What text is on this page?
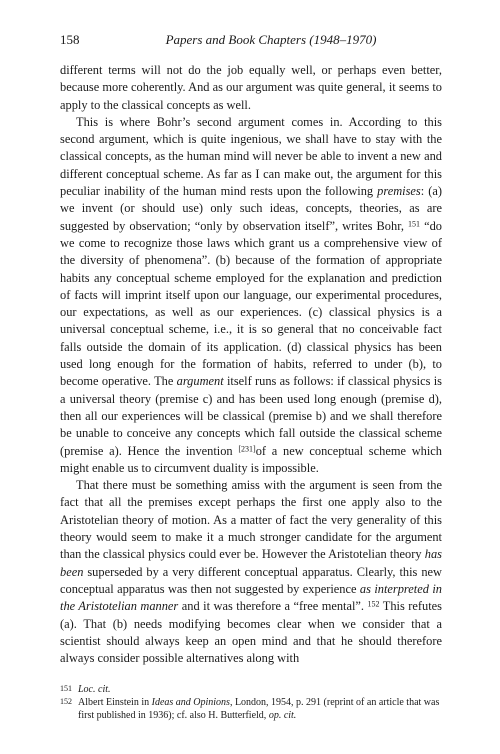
158	Papers and Book Chapters (1948–1970)

different terms will not do the job equally well, or perhaps even better, because more coherently. And as our argument was quite general, it seems to apply to the classical concepts as well.

This is where Bohr’s second argument comes in. According to this second argument, which is quite ingenious, we shall have to stay with the classical concepts, as the human mind will never be able to invent a new and different conceptual scheme. As far as I can make out, the argument for this peculiar inability of the human mind rests upon the following premises: (a) we invent (or should use) only such ideas, concepts, theories, as are suggested by observation; “only by observation itself”, writes Bohr, $^{151}$ “do we come to recognize those laws which grant us a comprehensive view of the diversity of phenomena”. (b) because of the formation of appropriate habits any conceptual scheme employed for the explanation and prediction of facts will imprint itself upon our language, our experimental procedures, our expectations, as well as our experiences. (c) classical physics is a universal conceptual scheme, i.e., it is so general that no conceivable fact falls outside the domain of its application. (d) classical physics has been used long enough for the formation of habits, referred to under (b), to become operative. The argument itself runs as follows: if classical physics is a universal theory (premise c) and has been used long enough (premise d), then all our experiences will be classical (premise b) and we shall therefore be unable to conceive any concepts which fall outside the classical scheme (premise a). Hence the invention [231]of a new conceptual scheme which might enable us to circumvent duality is impossible.

That there must be something amiss with the argument is seen from the fact that all the premises except perhaps the first one apply also to the Aristotelian theory of motion. As a matter of fact the very generality of this theory would seem to make it a much stronger candidate for the argument than the classical physics could ever be. However the Aristotelian theory has been superseded by a very different conceptual apparatus. Clearly, this new conceptual apparatus was then not suggested by experience as interpreted in the Aristotelian manner and it was therefore a “free mental”. $^{152}$ This refutes (a). That (b) needs modifying becomes clear when we consider that a scientist should always keep an open mind and that he should therefore always consider possible alternatives along with

151 Loc. cit.
152 Albert Einstein in Ideas and Opinions, London, 1954, p. 291 (reprint of an article that was first published in 1936); cf. also H. Butterfield, op. cit.
